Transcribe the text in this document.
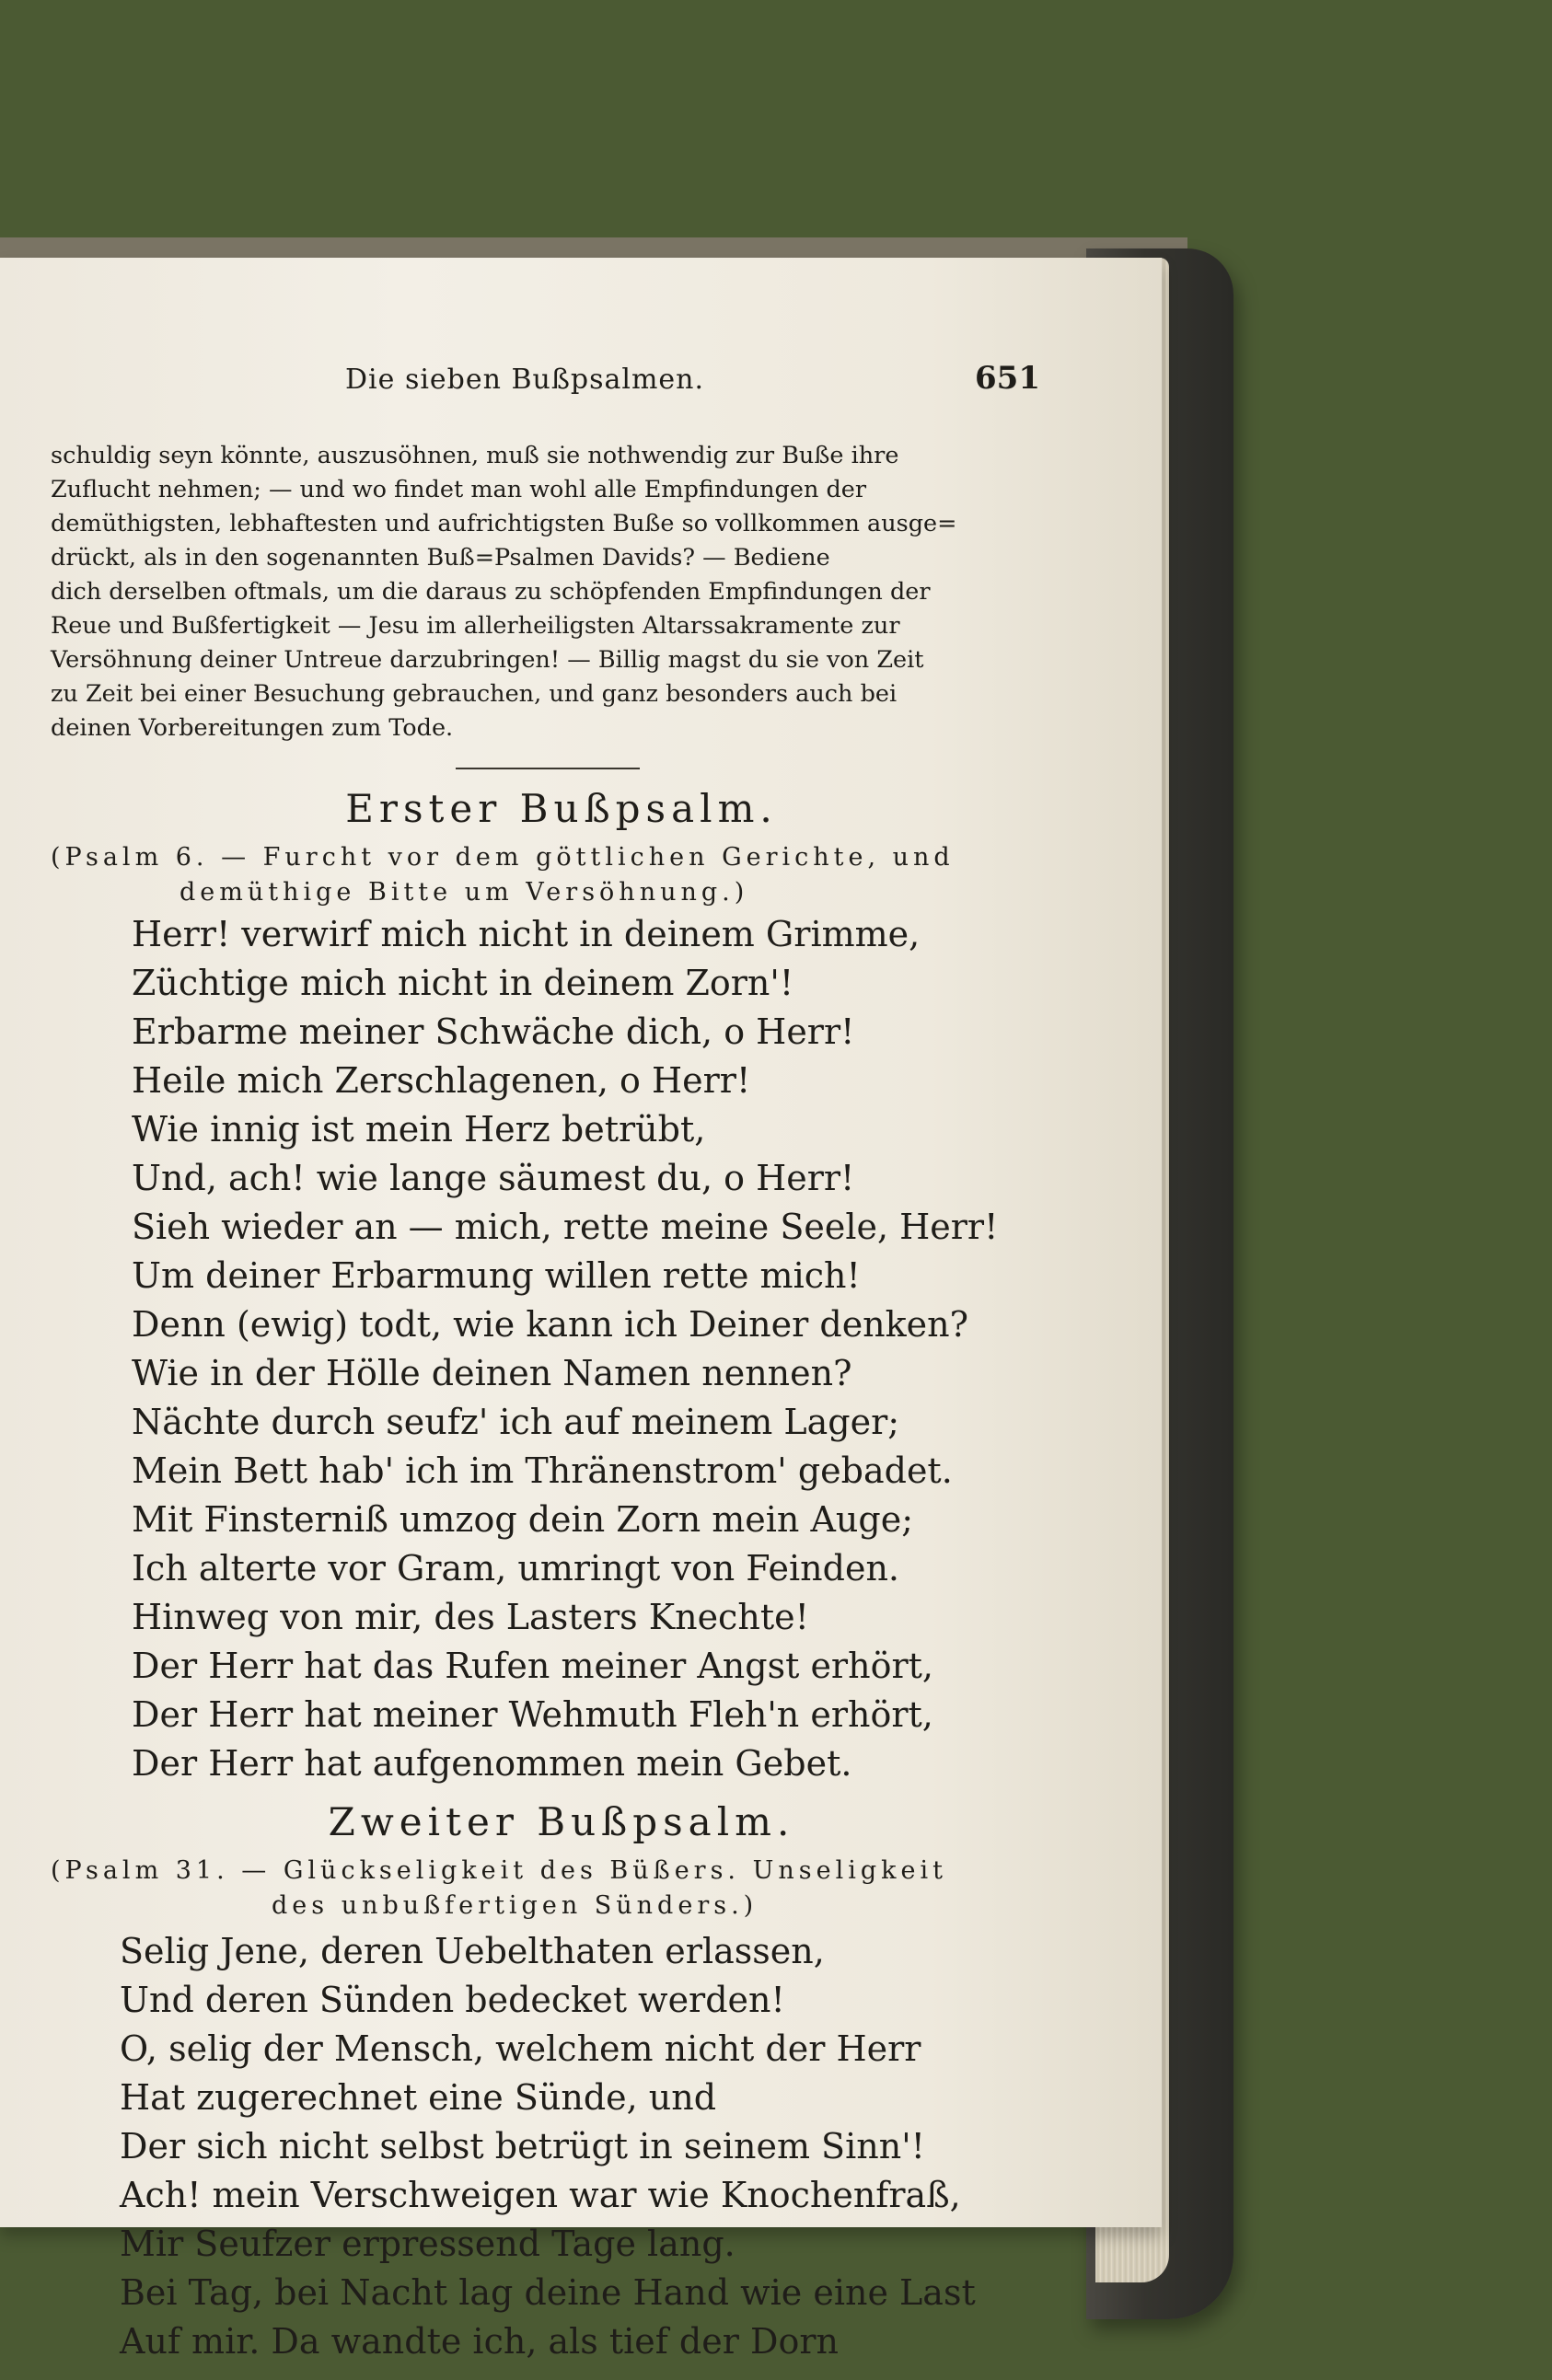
Die sieben Bußpsalmen.	651
schuldig seyn könnte, auszusöhnen, muß sie nothwendig zur Buße ihre
Zuflucht nehmen; — und wo findet man wohl alle Empfindungen der
demüthigsten, lebhaftesten und aufrichtigsten Buße so vollkommen ausge=
drückt, als in den sogenannten Buß=Psalmen Davids? — Bediene
dich derselben oftmals, um die daraus zu schöpfenden Empfindungen der
Reue und Bußfertigkeit — Jesu im allerheiligsten Altarssakramente zur
Versöhnung deiner Untreue darzubringen! — Billig magst du sie von Zeit
zu Zeit bei einer Besuchung gebrauchen, und ganz besonders auch bei
deinen Vorbereitungen zum Tode.
Erster Bußpsalm.
(Psalm 6. — Furcht vor dem göttlichen Gerichte, und
demüthige Bitte um Versöhnung.)
Herr! verwirf mich nicht in deinem Grimme,
Züchtige mich nicht in deinem Zorn'!
Erbarme meiner Schwäche dich, o Herr!
Heile mich Zerschlagenen, o Herr!
Wie innig ist mein Herz betrübt,
Und, ach! wie lange säumest du, o Herr!
Sieh wieder an — mich, rette meine Seele, Herr!
Um deiner Erbarmung willen rette mich!
Denn (ewig) todt, wie kann ich Deiner denken?
Wie in der Hölle deinen Namen nennen?
Nächte durch seufz' ich auf meinem Lager;
Mein Bett hab' ich im Thränenstrom' gebadet.
Mit Finsterniß umzog dein Zorn mein Auge;
Ich alterte vor Gram, umringt von Feinden.
Hinweg von mir, des Lasters Knechte!
Der Herr hat das Rufen meiner Angst erhört,
Der Herr hat meiner Wehmuth Fleh'n erhört,
Der Herr hat aufgenommen mein Gebet.
Zweiter Bußpsalm.
(Psalm 31. — Glückseligkeit des Büßers. Unseligkeit
des unbußfertigen Sünders.)
Selig Jene, deren Uebelthaten erlassen,
Und deren Sünden bedecket werden!
O, selig der Mensch, welchem nicht der Herr
Hat zugerechnet eine Sünde, und
Der sich nicht selbst betrügt in seinem Sinn'!
Ach! mein Verschweigen war wie Knochenfraß,
Mir Seufzer erpressend Tage lang.
Bei Tag, bei Nacht lag deine Hand wie eine Last
Auf mir. Da wandte ich, als tief der Dorn
